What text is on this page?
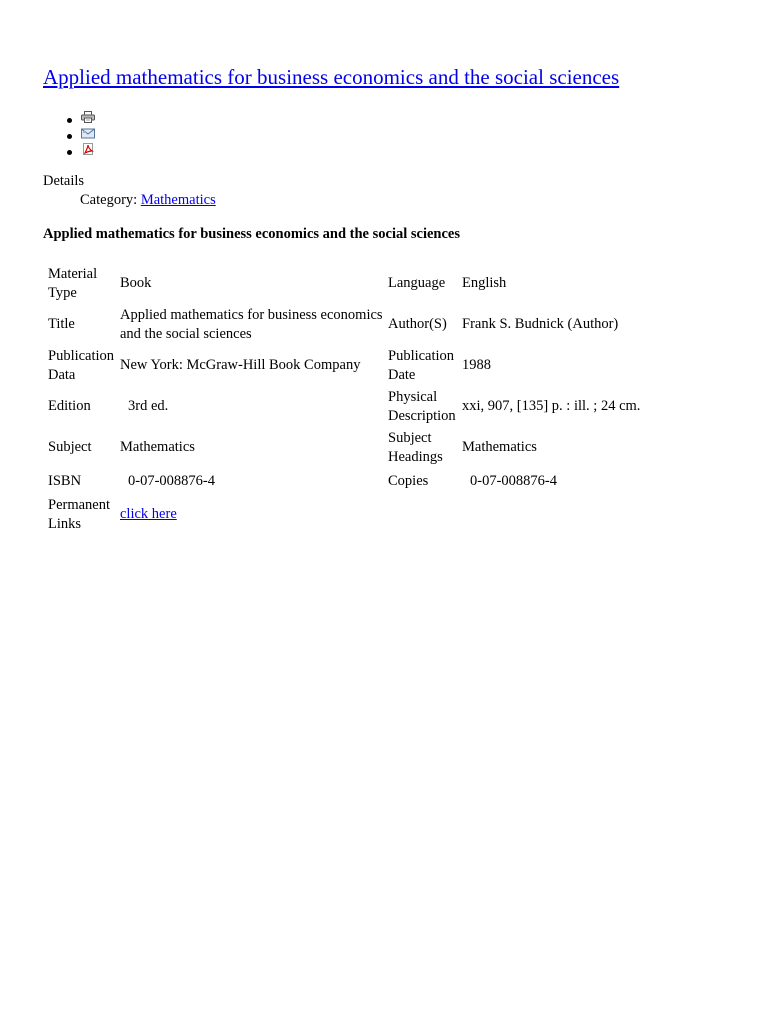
Applied mathematics for business economics and the social sciences
Details
Category: Mathematics
Applied mathematics for business economics and the social sciences
Material Type	Book	Language	English
Title	Applied mathematics for business economics and the social sciences	Author(S)	Frank S. Budnick (Author)
Publication Data	New York: McGraw-Hill Book Company	Publication Date	1988
Edition	3rd ed.	Physical Description	xxi, 907, [135] p. : ill. ; 24 cm.
Subject	Mathematics	Subject Headings	Mathematics
ISBN	0-07-008876-4	Copies	0-07-008876-4
Permanent Links	click here		
